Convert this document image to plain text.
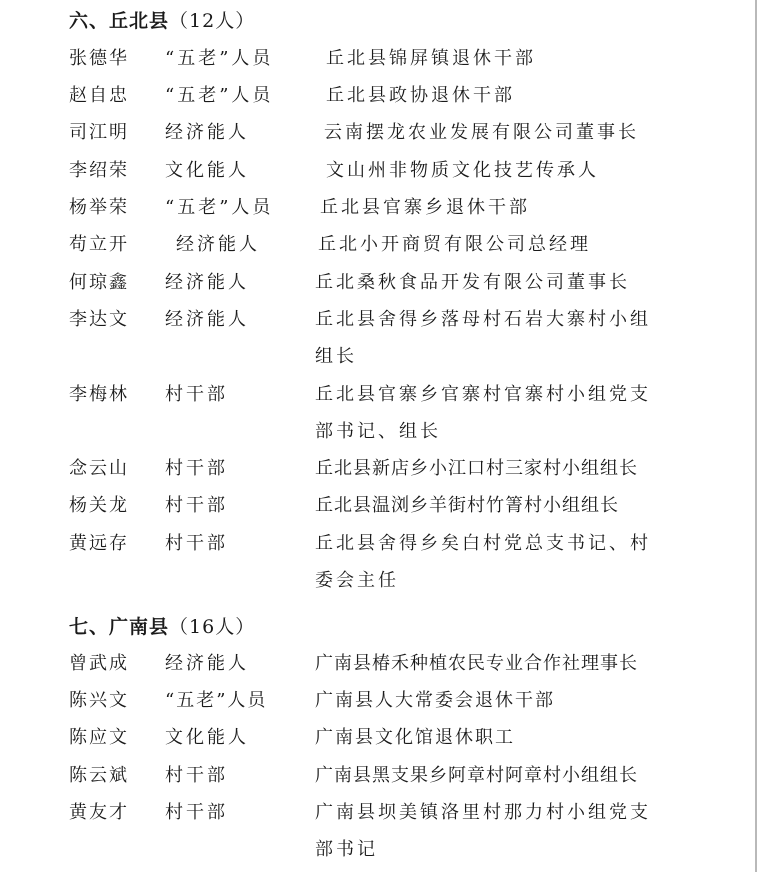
六、丘北县（12人）
张德华 “五老”人员	丘北县锦屏镇退休干部
赵自忠 “五老”人员	丘北县政协退休干部
司江明 经济能人	云南摆龙农业发展有限公司董事长
李绍荣 文化能人	文山州非物质文化技艺传承人
杨举荣 “五老”人员	丘北县官寨乡退休干部
苟立开	经济能人	丘北小开商贸有限公司总经理
何琼鑫 经济能人	丘北桑秋食品开发有限公司董事长
李达文 经济能人	丘北县舍得乡落母村石岩大寨村小组
组长
李梅林 村干部	丘北县官寨乡官寨村官寨村小组党支
部书记、组长
念云山 村干部	丘北县新店乡小江口村三家村小组组长
杨关龙 村干部	丘北县温浏乡羊街村竹箐村小组组长
黄远存 村干部	丘北县舍得乡矣白村党总支书记、村
委会主任
七、广南县（16人）
曾武成 经济能人	广南县椿禾种植农民专业合作社理事长
陈兴文 “五老”人员	广南县人大常委会退休干部
陈应文 文化能人	广南县文化馆退休职工
陈云斌 村干部	广南县黑支果乡阿章村阿章村小组组长
黄友才 村干部	广南县坝美镇洛里村那力村小组党支
部书记
